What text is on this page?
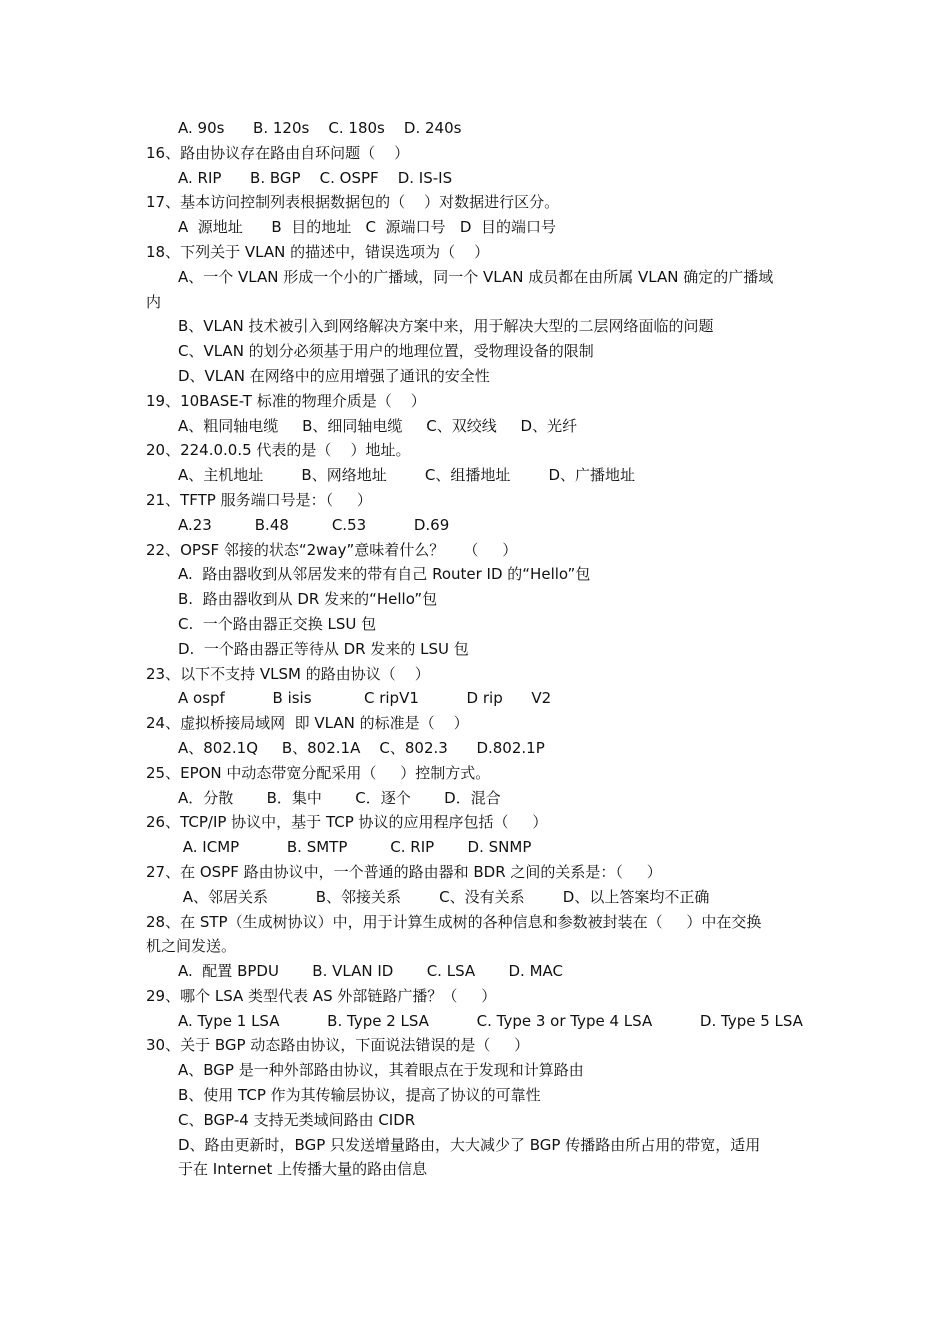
A. 90s      B. 120s    C. 180s    D. 240s
16、路由协议存在路由自环问题（    ）
A. RIP      B. BGP    C. OSPF    D. IS-IS
17、基本访问控制列表根据数据包的（    ）对数据进行区分。
A  源地址      B  目的地址   C  源端口号   D  目的端口号
18、下列关于 VLAN 的描述中，错误选项为（    ）
A、一个 VLAN 形成一个小的广播域，同一个 VLAN 成员都在由所属 VLAN 确定的广播域
内
B、VLAN 技术被引入到网络解决方案中来，用于解决大型的二层网络面临的问题
C、VLAN 的划分必须基于用户的地理位置，受物理设备的限制
D、VLAN 在网络中的应用增强了通讯的安全性
19、10BASE-T 标准的物理介质是（    ）
A、粗同轴电缆     B、细同轴电缆     C、双绞线     D、光纤
20、224.0.0.5 代表的是（    ）地址。
A、主机地址        B、网络地址        C、组播地址        D、广播地址
21、TFTP 服务端口号是：（     ）
A.23         B.48         C.53          D.69
22、OPSF 邻接的状态“2way”意味着什么？    （     ）
A.  路由器收到从邻居发来的带有自己 Router ID 的“Hello”包
B.  路由器收到从 DR 发来的“Hello”包
C.  一个路由器正交换 LSU 包
D.  一个路由器正等待从 DR 发来的 LSU 包
23、以下不支持 VLSM 的路由协议（    ）
A ospf          B isis           C ripV1          D rip      V2
24、虚拟桥接局域网  即 VLAN 的标准是（    ）
A、802.1Q     B、802.1A    C、802.3      D.802.1P
25、EPON 中动态带宽分配采用（     ）控制方式。
A．分散       B．集中       C．逐个       D．混合
26、TCP/IP 协议中，基于 TCP 协议的应用程序包括（     ）
A. ICMP          B. SMTP         C. RIP       D. SNMP
27、在 OSPF 路由协议中，一个普通的路由器和 BDR 之间的关系是：（     ）
A、邻居关系          B、邻接关系        C、没有关系        D、以上答案均不正确
28、在 STP（生成树协议）中，用于计算生成树的各种信息和参数被封装在（     ）中在交换
机之间发送。
A.  配置 BPDU       B. VLAN ID       C. LSA       D. MAC
29、哪个 LSA 类型代表 AS 外部链路广播？（     ）
A. Type 1 LSA          B. Type 2 LSA          C. Type 3 or Type 4 LSA          D. Type 5 LSA
30、关于 BGP 动态路由协议，下面说法错误的是（     ）
A、BGP 是一种外部路由协议，其着眼点在于发现和计算路由
B、使用 TCP 作为其传输层协议，提高了协议的可靠性
C、BGP-4 支持无类域间路由 CIDR
D、路由更新时，BGP 只发送增量路由，大大减少了 BGP 传播路由所占用的带宽，适用
于在 Internet 上传播大量的路由信息
